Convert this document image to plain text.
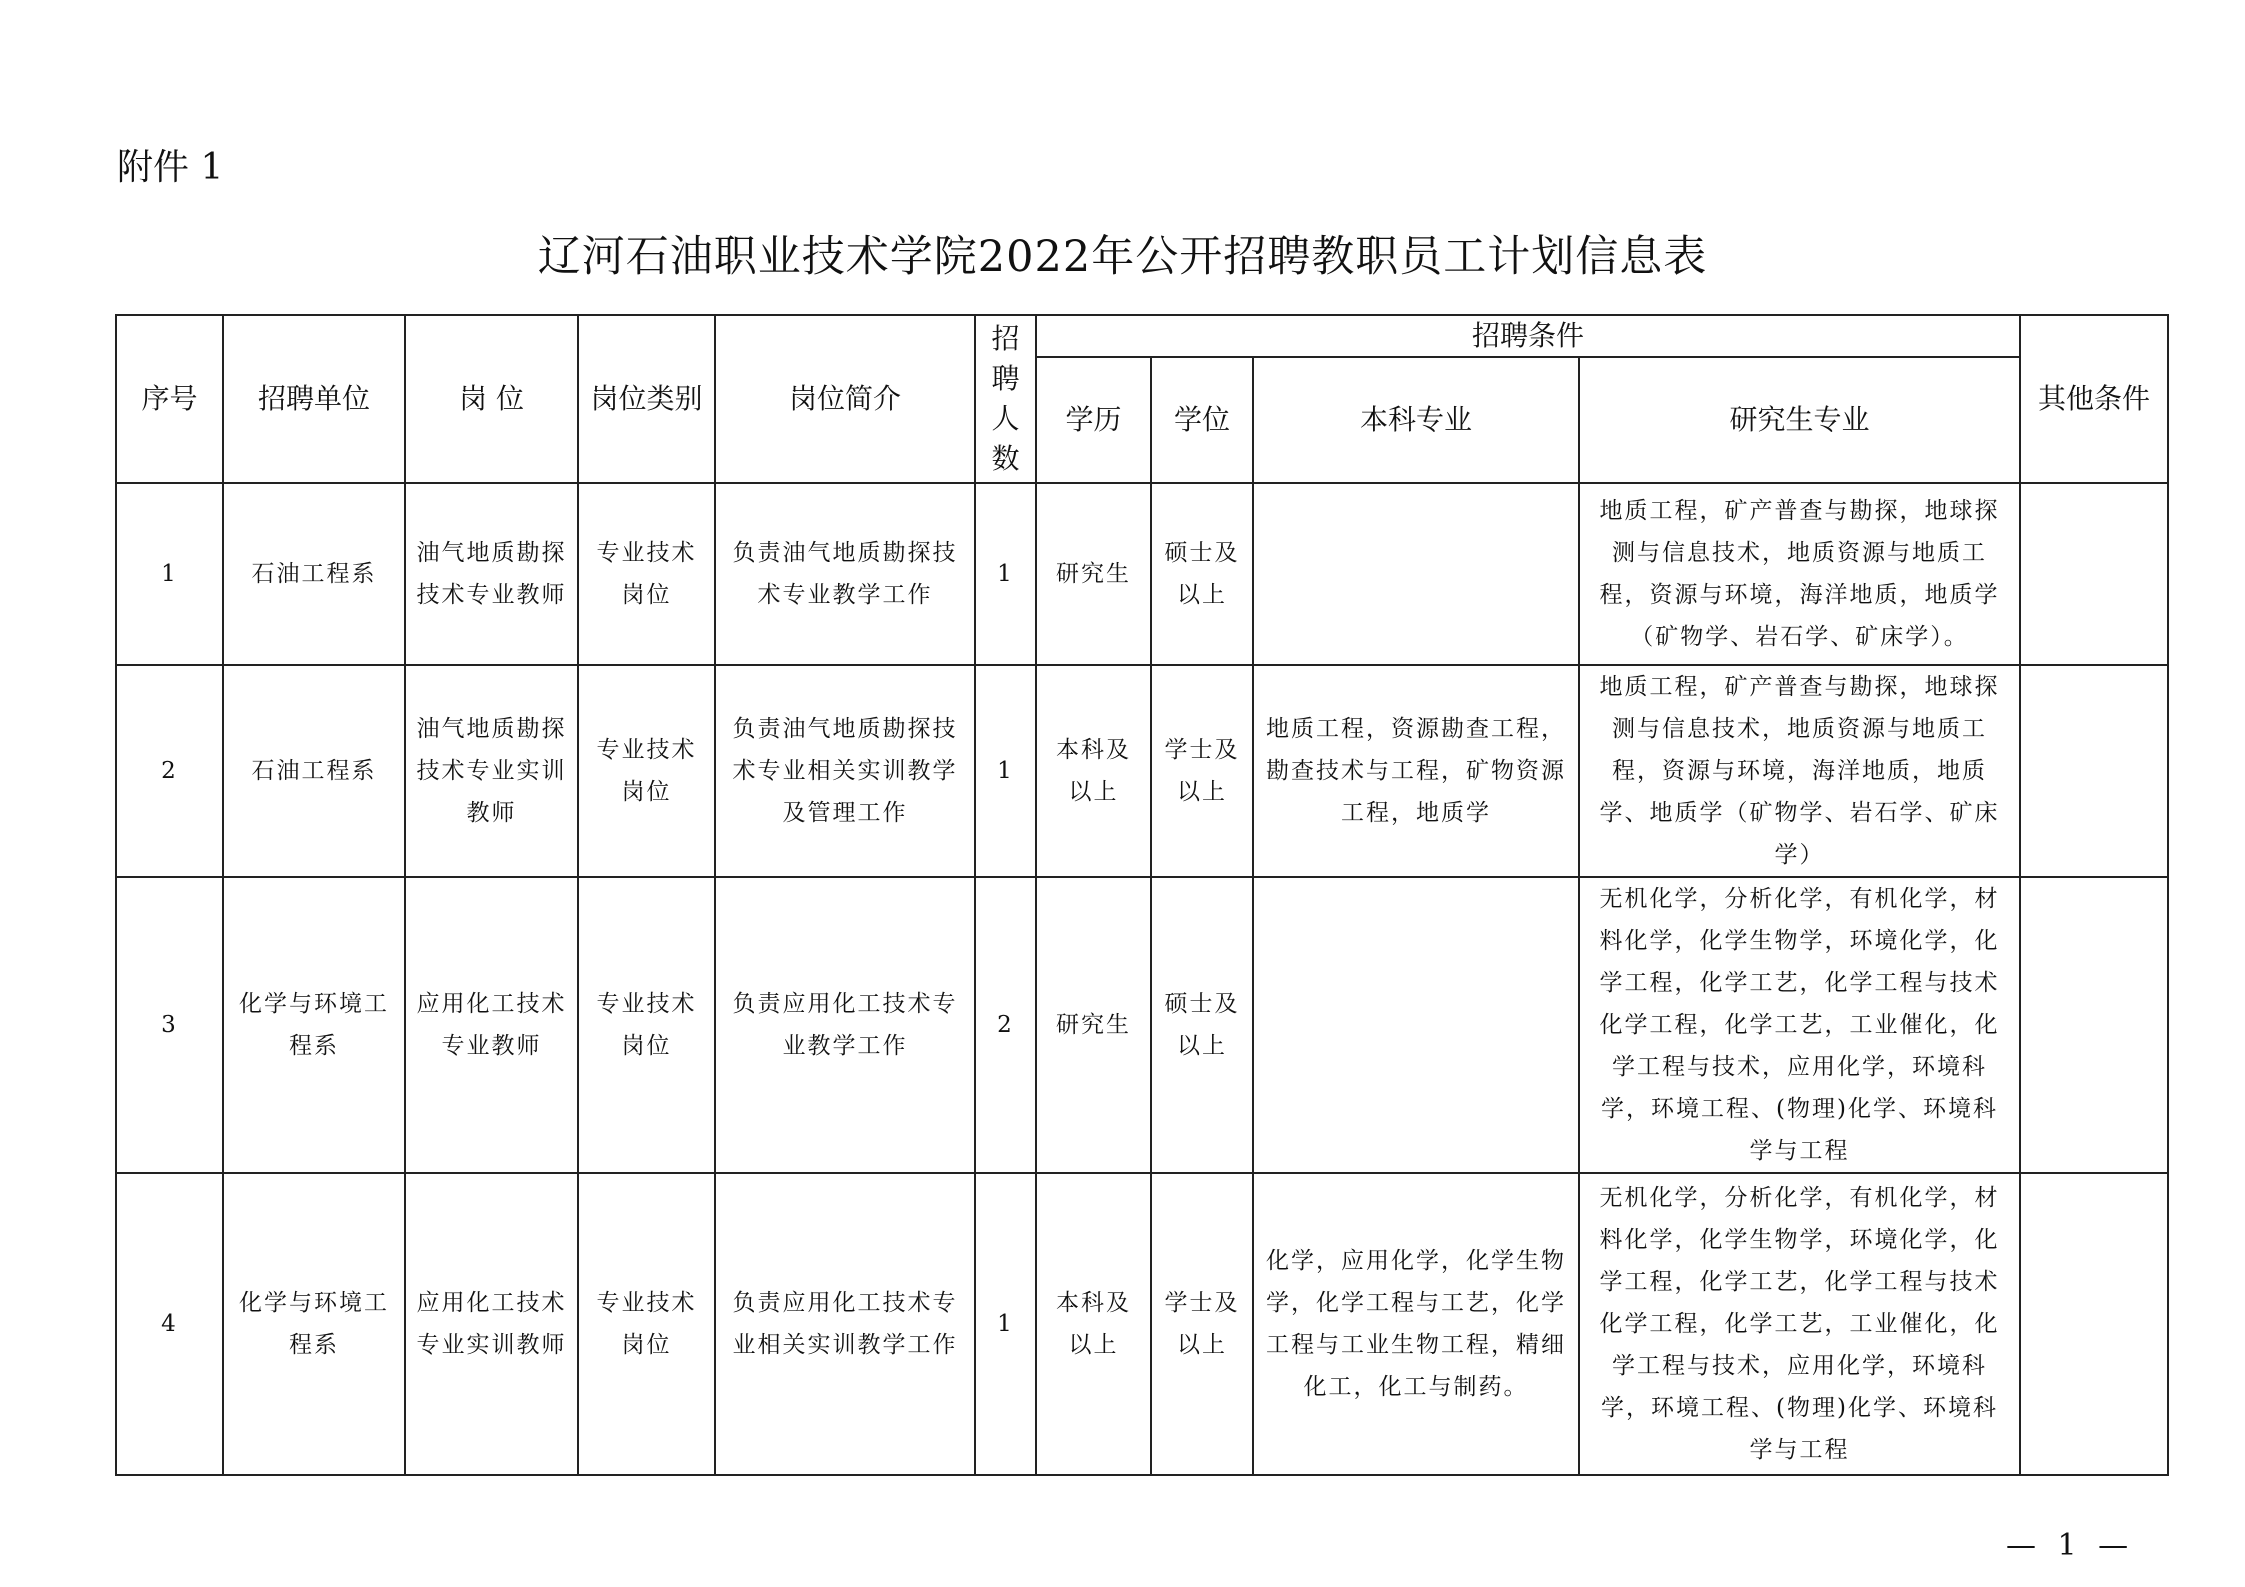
附件 1
辽河石油职业技术学院2022年公开招聘教职员工计划信息表
序号	招聘单位	岗 位	岗位类别	岗位简介	招聘人数	招聘条件				其他条件
						学历	学位	本科专业	研究生专业	
1	石油工程系	油气地质勘探技术专业教师	专业技术岗位	负责油气地质勘探技术专业教学工作	1	研究生	硕士及以上		地质工程，矿产普查与勘探，地球探测与信息技术，地质资源与地质工程，资源与环境，海洋地质，地质学（矿物学、岩石学、矿床学）。	
2	石油工程系	油气地质勘探技术专业实训教师	专业技术岗位	负责油气地质勘探技术专业相关实训教学及管理工作	1	本科及以上	学士及以上	地质工程，资源勘查工程，勘查技术与工程，矿物资源工程，地质学	地质工程，矿产普查与勘探，地球探测与信息技术，地质资源与地质工程，资源与环境，海洋地质，地质学、地质学（矿物学、岩石学、矿床学）	
3	化学与环境工程系	应用化工技术专业教师	专业技术岗位	负责应用化工技术专业教学工作	2	研究生	硕士及以上		无机化学，分析化学，有机化学，材料化学，化学生物学，环境化学，化学工程，化学工艺，化学工程与技术化学工程，化学工艺，工业催化，化学工程与技术，应用化学，环境科学，环境工程、(物理)化学、环境科学与工程	
4	化学与环境工程系	应用化工技术专业实训教师	专业技术岗位	负责应用化工技术专业相关实训教学工作	1	本科及以上	学士及以上	化学，应用化学，化学生物学，化学工程与工艺，化学工程与工业生物工程，精细化工，化工与制药。	无机化学，分析化学，有机化学，材料化学，化学生物学，环境化学，化学工程，化学工艺，化学工程与技术化学工程，化学工艺，工业催化，化学工程与技术，应用化学，环境科学，环境工程、(物理)化学、环境科学与工程	
— 1 —
